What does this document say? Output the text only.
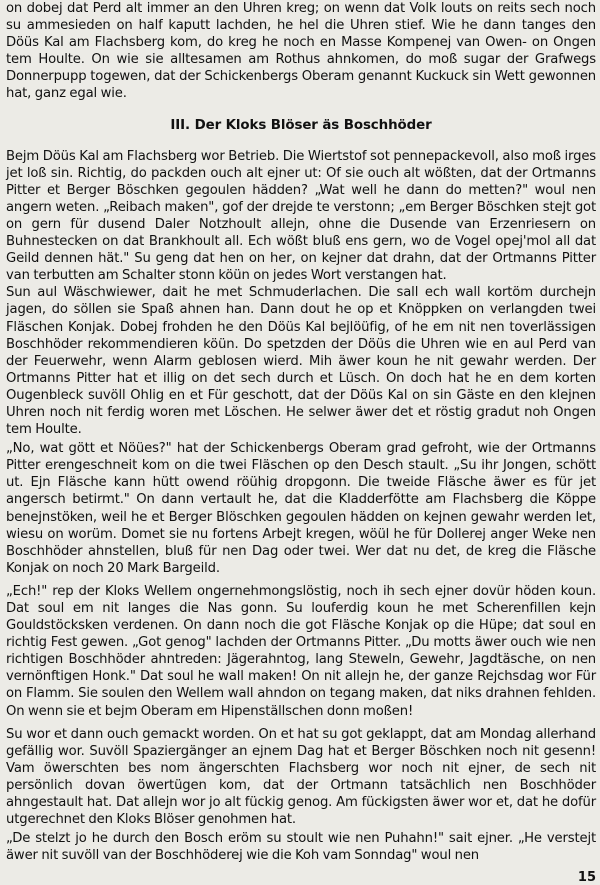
on dobej dat Perd alt immer an den Uhren kreg; on wenn dat Volk louts on reits sech noch su ammesieden on half kaputt lachden, he hel die Uhren stief. Wie he dann tanges den Döüs Kal am Flachsberg kom, do kreg he noch en Masse Kompenej van Owen- on Ongen tem Houlte. On wie sie alltesamen am Rothus ahnkomen, do moß sugar der Grafwegs Donnerpupp togewen, dat der Schickenbergs Oberam genannt Kuckuck sin Wett gewonnen hat, ganz egal wie.

III. Der Kloks Blöser äs Boschhöder

Bejm Döüs Kal am Flachsberg wor Betrieb. Die Wiertstof sot pennepackevoll, also moß irges jet loß sin. Richtig, do packden ouch alt ejner ut: Of sie ouch alt wößten, dat der Ortmanns Pitter et Berger Böschken gegoulen hädden? „Wat well he dann do metten?" woul nen angern weten. „Reibach maken", gof der drejde te verstonn; „em Berger Böschken stejt got on gern für dusend Daler Notzhoult allejn, ohne die Dusende van Erzenriesern on Buhnestecken on dat Brankhoult all. Ech wößt bluß ens gern, wo de Vogel opej'mol all dat Geild dennen hät." Su geng dat hen on her, on kejner dat drahn, dat der Ortmanns Pitter van terbutten am Schalter stonn köün on jedes Wort verstangen hat.

Sun aul Wäschwiewer, dait he met Schmuderlachen. Die sall ech wall kortöm durchejn jagen, do söllen sie Spaß ahnen han. Dann dout he op et Knöppken on verlangden twei Fläschen Konjak. Dobej frohden he den Döüs Kal bejlöüfig, of he em nit nen toverlässigen Boschhöder rekommendieren köün. Do spetzden der Döüs die Uhren wie en aul Perd van der Feuerwehr, wenn Alarm geblosen wierd. Mih äwer koun he nit gewahr werden. Der Ortmanns Pitter hat et illig on det sech durch et Lüsch. On doch hat he en dem korten Ougenbleck suvöll Ohlig en et Für geschott, dat der Döüs Kal on sin Gäste en den klejnen Uhren noch nit ferdig woren met Löschen. He selwer äwer det et röstig gradut noh Ongen tem Houlte.

„No, wat gött et Nöües?" hat der Schickenbergs Oberam grad gefroht, wie der Ortmanns Pitter erengeschneit kom on die twei Fläschen op den Desch stault. „Su ihr Jongen, schött ut. Ejn Fläsche kann hütt owend röühig dropgonn. Die tweide Fläsche äwer es für jet angersch betirmt." On dann vertault he, dat die Kladderfötte am Flachsberg die Köppe benejnstöken, weil he et Berger Blöschken gegoulen hädden on kejnen gewahr werden let, wiesu on worüm. Domet sie nu fortens Arbejt kregen, wöül he für Dollerej anger Weke nen Boschhöder ahnstellen, bluß für nen Dag oder twei. Wer dat nu det, de kreg die Fläsche Konjak on noch 20 Mark Bargeild.

„Ech!" rep der Kloks Wellem ongernehmongslöstig, noch ih sech ejner dovür höden koun. Dat soul em nit langes die Nas gonn. Su louferdig koun he met Scherenfillen kejn Gouldstöcksken verdenen. On dann noch die got Fläsche Konjak op die Hüpe; dat soul en richtig Fest gewen. „Got genog" lachden der Ortmanns Pitter. „Du motts äwer ouch wie nen richtigen Boschhöder ahntreden: Jägerahntog, lang Steweln, Gewehr, Jagdtäsche, on nen vernönftigen Honk." Dat soul he wall maken! On nit allejn he, der ganze Rejchsdag wor Für on Flamm. Sie soulen den Wellem wall ahndon on tegang maken, dat niks drahnen fehlden. On wenn sie et bejm Oberam em Hipenställschen donn moßen!

Su wor et dann ouch gemackt worden. On et hat su got geklappt, dat am Mondag allerhand gefällig wor. Suvöll Spaziergänger an ejnem Dag hat et Berger Böschken noch nit gesenn! Vam öwerschten bes nom ängerschten Flachsberg wor noch nit ejner, de sech nit persönlich dovan öwertügen kom, dat der Ortmann tatsächlich nen Boschhöder ahngestault hat. Dat allejn wor jo alt fückig genog. Am fückigsten äwer wor et, dat he dofür utgerechnet den Kloks Blöser genohmen hat.

„De stelzt jo he durch den Bosch eröm su stoult wie nen Puhahn!" sait ejner. „He verstejt äwer nit suvöll van der Boschhöderej wie die Koh vam Sonndag" woul nen

15
